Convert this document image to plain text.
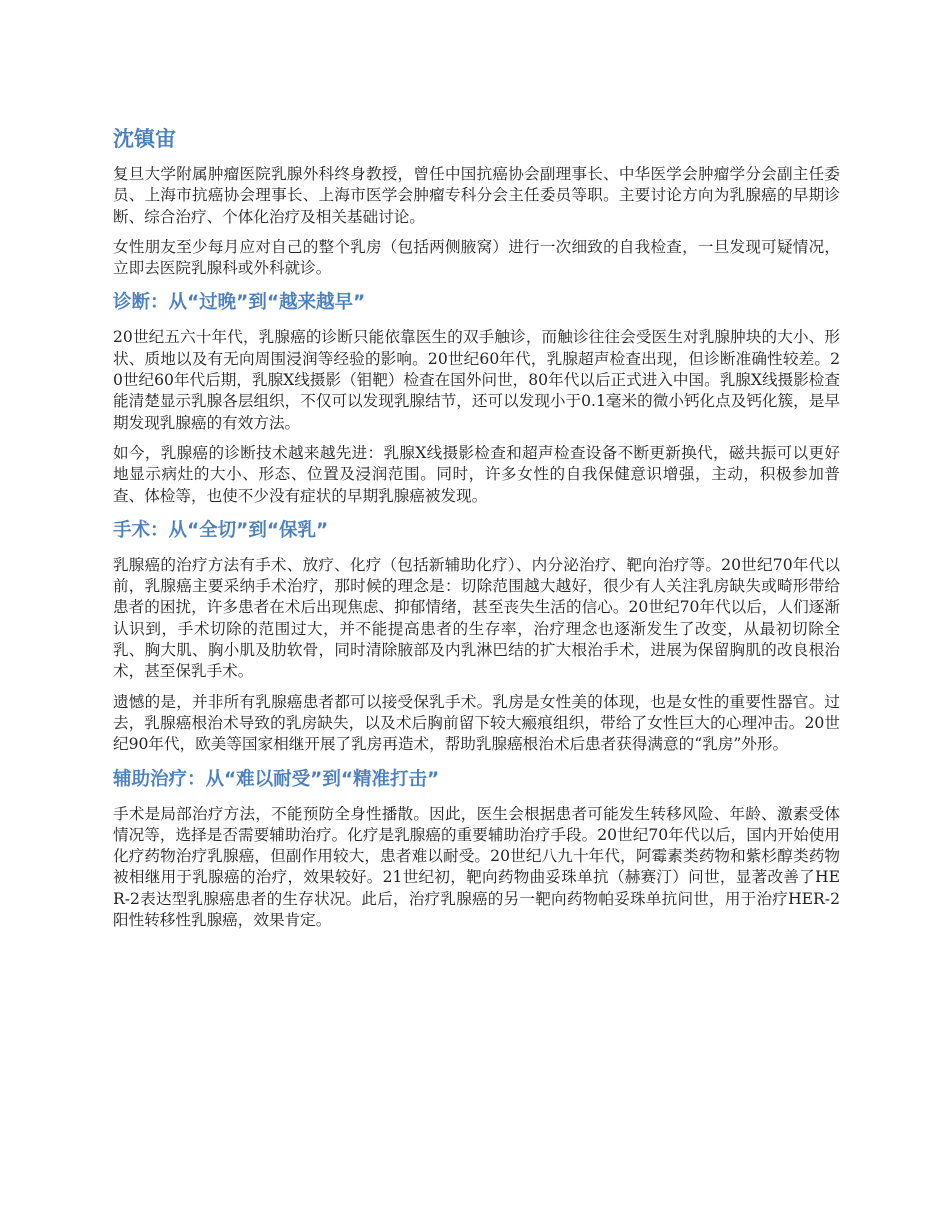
沈镇宙

复旦大学附属肿瘤医院乳腺外科终身教授，曾任中国抗癌协会副理事长、中华医学会肿瘤学分会副主任委员、上海市抗癌协会理事长、上海市医学会肿瘤专科分会主任委员等职。主要讨论方向为乳腺癌的早期诊断、综合治疗、个体化治疗及相关基础讨论。

女性朋友至少每月应对自己的整个乳房（包括两侧腋窝）进行一次细致的自我检查，一旦发现可疑情况，立即去医院乳腺科或外科就诊。

诊断：从“过晚”到“越来越早”

20世纪五六十年代，乳腺癌的诊断只能依靠医生的双手触诊，而触诊往往会受医生对乳腺肿块的大小、形状、质地以及有无向周围浸润等经验的影响。20世纪60年代，乳腺超声检查出现，但诊断准确性较差。20世纪60年代后期，乳腺X线摄影（钼靶）检查在国外问世，80年代以后正式进入中国。乳腺X线摄影检查能清楚显示乳腺各层组织，不仅可以发现乳腺结节，还可以发现小于0.1毫米的微小钙化点及钙化簇，是早期发现乳腺癌的有效方法。

如今，乳腺癌的诊断技术越来越先进：乳腺X线摄影检查和超声检查设备不断更新换代，磁共振可以更好地显示病灶的大小、形态、位置及浸润范围。同时，许多女性的自我保健意识增强，主动，积极参加普查、体检等，也使不少没有症状的早期乳腺癌被发现。

手术：从“全切”到“保乳”

乳腺癌的治疗方法有手术、放疗、化疗（包括新辅助化疗）、内分泌治疗、靶向治疗等。20世纪70年代以前，乳腺癌主要采纳手术治疗，那时候的理念是：切除范围越大越好，很少有人关注乳房缺失或畸形带给患者的困扰，许多患者在术后出现焦虑、抑郁情绪，甚至丧失生活的信心。20世纪70年代以后，人们逐渐认识到，手术切除的范围过大，并不能提高患者的生存率，治疗理念也逐渐发生了改变，从最初切除全乳、胸大肌、胸小肌及肋软骨，同时清除腋部及内乳淋巴结的扩大根治手术，进展为保留胸肌的改良根治术，甚至保乳手术。

遗憾的是，并非所有乳腺癌患者都可以接受保乳手术。乳房是女性美的体现，也是女性的重要性器官。过去，乳腺癌根治术导致的乳房缺失，以及术后胸前留下较大瘢痕组织，带给了女性巨大的心理冲击。20世纪90年代，欧美等国家相继开展了乳房再造术，帮助乳腺癌根治术后患者获得满意的“乳房”外形。

辅助治疗：从“难以耐受”到“精准打击”

手术是局部治疗方法，不能预防全身性播散。因此，医生会根据患者可能发生转移风险、年龄、激素受体情况等，选择是否需要辅助治疗。化疗是乳腺癌的重要辅助治疗手段。20世纪70年代以后，国内开始使用化疗药物治疗乳腺癌，但副作用较大，患者难以耐受。20世纪八九十年代，阿霉素类药物和紫杉醇类药物被相继用于乳腺癌的治疗，效果较好。21世纪初，靶向药物曲妥珠单抗（赫赛汀）问世，显著改善了HER-2表达型乳腺癌患者的生存状况。此后，治疗乳腺癌的另一靶向药物帕妥珠单抗问世，用于治疗HER-2阳性转移性乳腺癌，效果肯定。
